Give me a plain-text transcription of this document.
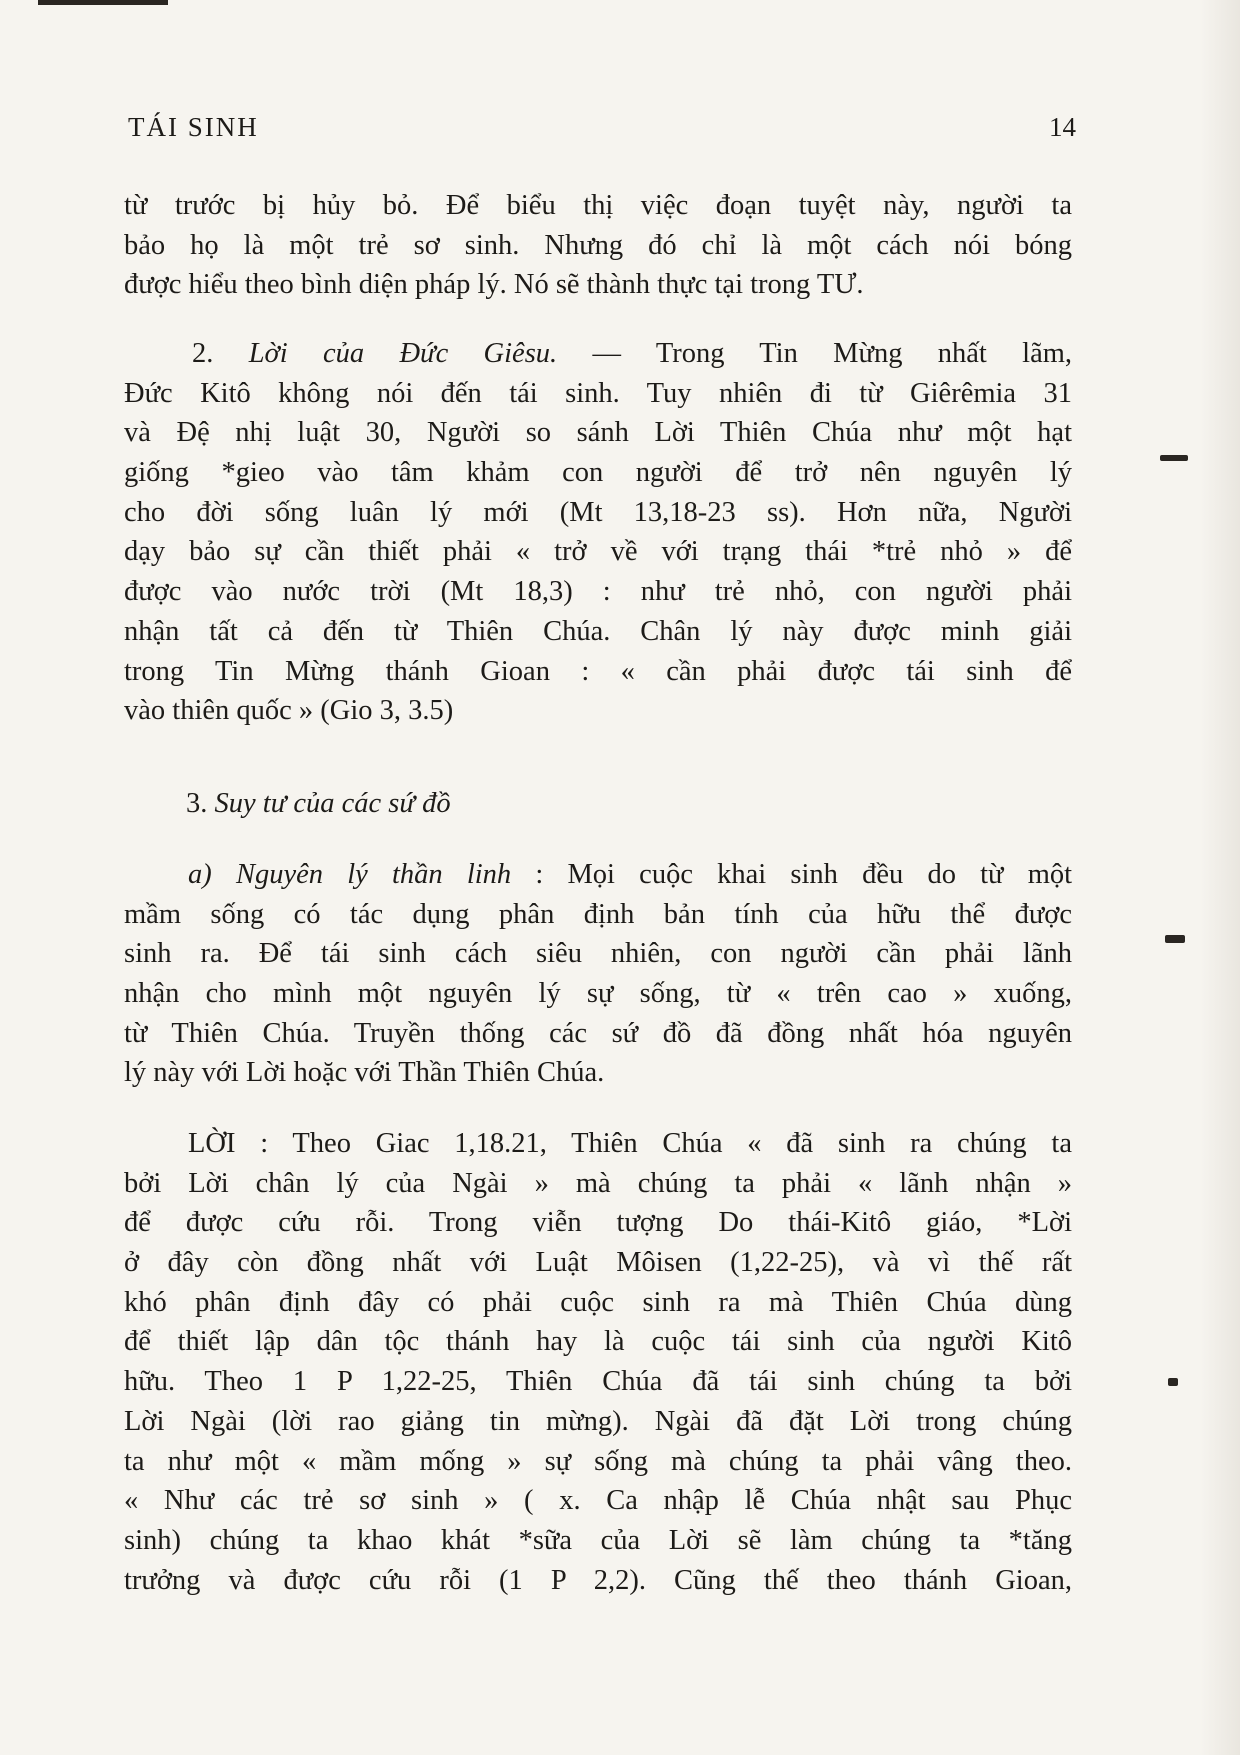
TÁI SINH	14
từ trước bị hủy bỏ. Để biểu thị việc đoạn tuyệt này, người ta
bảo họ là một trẻ sơ sinh. Nhưng đó chỉ là một cách nói bóng
được hiểu theo bình diện pháp lý. Nó sẽ thành thực tại trong TƯ.
2. Lời của Đức Giêsu. — Trong Tin Mừng nhất lãm,
Đức Kitô không nói đến tái sinh. Tuy nhiên đi từ Giêrêmia 31
và Đệ nhị luật 30, Người so sánh Lời Thiên Chúa như một hạt
giống *gieo vào tâm khảm con người để trở nên nguyên lý
cho đời sống luân lý mới (Mt 13,18-23 ss). Hơn nữa, Người
dạy bảo sự cần thiết phải « trở về với trạng thái *trẻ nhỏ » để
được vào nước trời (Mt 18,3) : như trẻ nhỏ, con người phải
nhận tất cả đến từ Thiên Chúa. Chân lý này được minh giải
trong Tin Mừng thánh Gioan : « cần phải được tái sinh để
vào thiên quốc » (Gio 3, 3.5)
3. Suy tư của các sứ đồ
a) Nguyên lý thần linh : Mọi cuộc khai sinh đều do từ một
mầm sống có tác dụng phân định bản tính của hữu thể được
sinh ra. Để tái sinh cách siêu nhiên, con người cần phải lãnh
nhận cho mình một nguyên lý sự sống, từ « trên cao » xuống,
từ Thiên Chúa. Truyền thống các sứ đồ đã đồng nhất hóa nguyên
lý này với Lời hoặc với Thần Thiên Chúa.
LỜI : Theo Giac 1,18.21, Thiên Chúa « đã sinh ra chúng ta
bởi Lời chân lý của Ngài » mà chúng ta phải « lãnh nhận »
để được cứu rỗi. Trong viễn tượng Do thái-Kitô giáo, *Lời
ở đây còn đồng nhất với Luật Môisen (1,22-25), và vì thế rất
khó phân định đây có phải cuộc sinh ra mà Thiên Chúa dùng
để thiết lập dân tộc thánh hay là cuộc tái sinh của người Kitô
hữu. Theo 1 P 1,22-25, Thiên Chúa đã tái sinh chúng ta bởi
Lời Ngài (lời rao giảng tin mừng). Ngài đã đặt Lời trong chúng
ta như một « mầm mống » sự sống mà chúng ta phải vâng theo.
« Như các trẻ sơ sinh » ( x. Ca nhập lễ Chúa nhật sau Phục
sinh) chúng ta khao khát *sữa của Lời sẽ làm chúng ta *tăng
trưởng và được cứu rỗi (1 P 2,2). Cũng thế theo thánh Gioan,
